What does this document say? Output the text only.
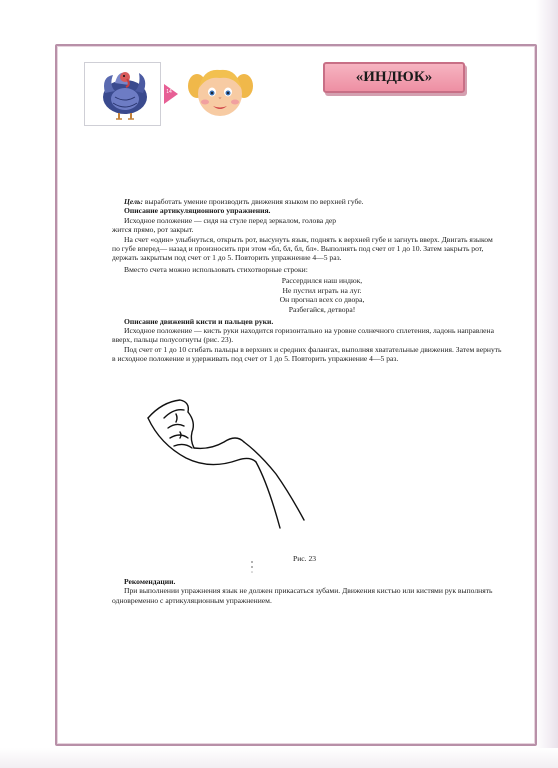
14
«ИНДЮК»

Цель: выработать умение производить движения языком по верхней губе.

Описание артикуляционного упражнения.

Исходное положение — сидя на стуле перед зеркалом, голова дер

жится прямо, рот закрыт.

На счет «один» улыбнуться, открыть рот, высунуть язык, поднять к верхней губе и загнуть вверх. Двигать языком по губе вперед— назад и произносить при этом «бл, бл, бл, бл». Выполнять под счет от 1 до 10. Затем закрыть рот, держать закрытым под счет от 1 до 5. Повторить упражнение 4—5 раз.

Вместо счета можно использовать стихотворные строки:

Рассердился наш индюк,
Не пустил играть на луг.
Он прогнал всех со двора,
Разбегайся, детвора!

Описание движений кисти и пальцев руки.

Исходное положение — кисть руки находится горизонтально на уровне солнечного сплетения, ладонь направлена вверх, пальцы полусогнуты (рис. 23).

Под счет от 1 до 10 сгибать пальцы в верхних и средних фалангах, выполняя хватательные движения. Затем вернуть в исходное положение и удерживать под счет от 1 до 5. Повторить упражнение 4—5 раз.

Рис. 23

Рекомендации.

При выполнении упражнения язык не должен прикасаться зубами. Движения кистью или кистями рук выполнять одновременно с артикуляционным упражнением.
